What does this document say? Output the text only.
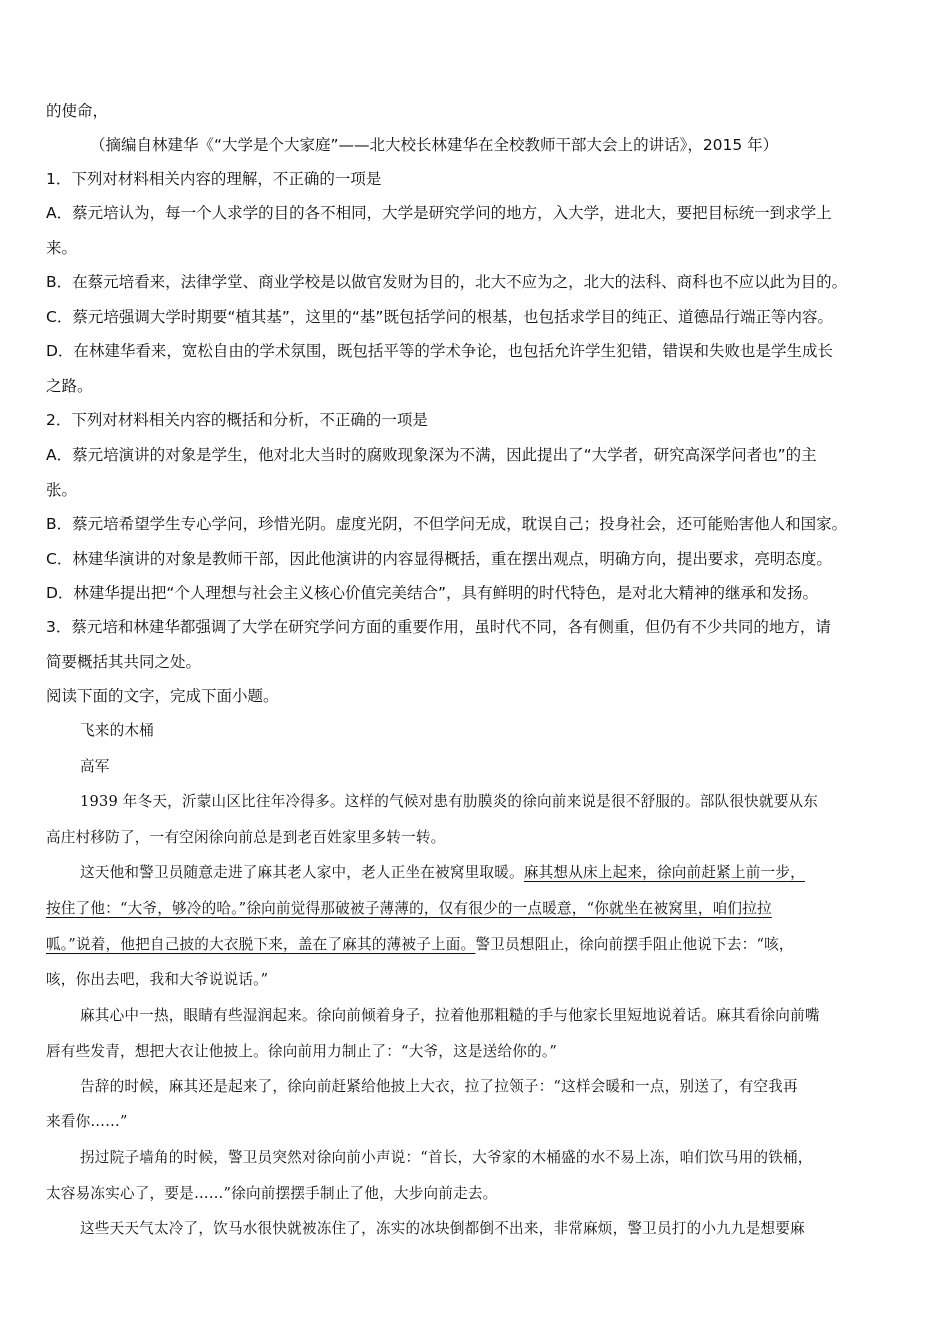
的使命，
（摘编自林建华《“大学是个大家庭”——北大校长林建华在全校教师干部大会上的讲话》，2015 年）
1．下列对材料相关内容的理解，不正确的一项是
A．蔡元培认为，每一个人求学的目的各不相同，大学是研究学问的地方，入大学，进北大，要把目标统一到求学上
来。
B．在蔡元培看来，法律学堂、商业学校是以做官发财为目的，北大不应为之，北大的法科、商科也不应以此为目的。
C．蔡元培强调大学时期要“植其基”，这里的“基”既包括学问的根基，也包括求学目的纯正、道德品行端正等内容。
D．在林建华看来，宽松自由的学术氛围，既包括平等的学术争论，也包括允许学生犯错，错误和失败也是学生成长
之路。
2．下列对材料相关内容的概括和分析，不正确的一项是
A．蔡元培演讲的对象是学生，他对北大当时的腐败现象深为不满，因此提出了“大学者，研究高深学问者也”的主
张。
B．蔡元培希望学生专心学问，珍惜光阴。虚度光阴，不但学问无成，耽误自己；投身社会，还可能贻害他人和国家。
C．林建华演讲的对象是教师干部，因此他演讲的内容显得概括，重在摆出观点，明确方向，提出要求，亮明态度。
D．林建华提出把“个人理想与社会主义核心价值完美结合”，具有鲜明的时代特色，是对北大精神的继承和发扬。
3．蔡元培和林建华都强调了大学在研究学问方面的重要作用，虽时代不同，各有侧重，但仍有不少共同的地方，请
简要概括其共同之处。
阅读下面的文字，完成下面小题。
飞来的木桶
高军
1939 年冬天，沂蒙山区比往年冷得多。这样的气候对患有肋膜炎的徐向前来说是很不舒服的。部队很快就要从东
高庄村移防了，一有空闲徐向前总是到老百姓家里多转一转。
这天他和警卫员随意走进了麻其老人家中，老人正坐在被窝里取暖。麻其想从床上起来，徐向前赶紧上前一步，
按住了他：“大爷，够冷的哈。”徐向前觉得那破被子薄薄的，仅有很少的一点暖意，“你就坐在被窝里，咱们拉拉
呱。”说着，他把自己披的大衣脱下来，盖在了麻其的薄被子上面。警卫员想阻止，徐向前摆手阻止他说下去：“咳，
咳，你出去吧，我和大爷说说话。”
麻其心中一热，眼睛有些湿润起来。徐向前倾着身子，拉着他那粗糙的手与他家长里短地说着话。麻其看徐向前嘴
唇有些发青，想把大衣让他披上。徐向前用力制止了：“大爷，这是送给你的。”
告辞的时候，麻其还是起来了，徐向前赶紧给他披上大衣，拉了拉领子：“这样会暖和一点，别送了，有空我再
来看你……”
拐过院子墙角的时候，警卫员突然对徐向前小声说：“首长，大爷家的木桶盛的水不易上冻，咱们饮马用的铁桶，
太容易冻实心了，要是……”徐向前摆摆手制止了他，大步向前走去。
这些天天气太冷了，饮马水很快就被冻住了，冻实的冰块倒都倒不出来，非常麻烦，警卫员打的小九九是想要麻
